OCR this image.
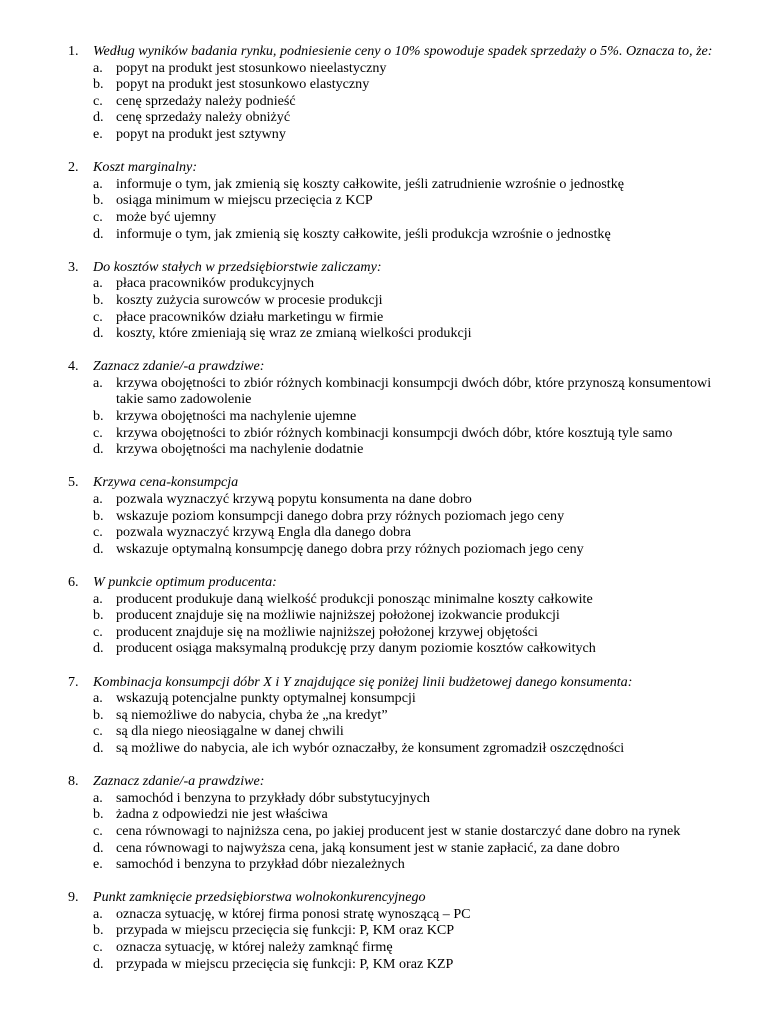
1. Według wyników badania rynku, podniesienie ceny o 10% spowoduje spadek sprzedaży o 5%. Oznacza to, że:
a. popyt na produkt jest stosunkowo nieelastyczny
b. popyt na produkt jest stosunkowo elastyczny
c. cenę sprzedaży należy podnieść
d. cenę sprzedaży należy obniżyć
e. popyt na produkt jest sztywny
2. Koszt marginalny:
a. informuje o tym, jak zmienią się koszty całkowite, jeśli zatrudnienie wzrośnie o jednostkę
b. osiąga minimum w miejscu przecięcia z KCP
c. może być ujemny
d. informuje o tym, jak zmienią się koszty całkowite, jeśli produkcja wzrośnie o jednostkę
3. Do kosztów stałych w przedsiębiorstwie zaliczamy:
a. płaca pracowników produkcyjnych
b. koszty zużycia surowców w procesie produkcji
c. płace pracowników działu marketingu w firmie
d. koszty, które zmieniają się wraz ze zmianą wielkości produkcji
4. Zaznacz zdanie/-a prawdziwe:
a. krzywa obojętności to zbiór różnych kombinacji konsumpcji dwóch dóbr, które przynoszą konsumentowi takie samo zadowolenie
b. krzywa obojętności ma nachylenie ujemne
c. krzywa obojętności to zbiór różnych kombinacji konsumpcji dwóch dóbr, które kosztują tyle samo
d. krzywa obojętności ma nachylenie dodatnie
5. Krzywa cena-konsumpcja
a. pozwala wyznaczyć krzywą popytu konsumenta na dane dobro
b. wskazuje poziom konsumpcji danego dobra przy różnych poziomach jego ceny
c. pozwala wyznaczyć krzywą Engla dla danego dobra
d. wskazuje optymalną konsumpcję danego dobra przy różnych poziomach jego ceny
6. W punkcie optimum producenta:
a. producent produkuje daną wielkość produkcji ponosząc minimalne koszty całkowite
b. producent znajduje się na możliwie najniższej położonej izokwancie produkcji
c. producent znajduje się na możliwie najniższej położonej krzywej objętości
d. producent osiąga maksymalną produkcję przy danym poziomie kosztów całkowitych
7. Kombinacja konsumpcji dóbr X i Y znajdujące się poniżej linii budżetowej danego konsumenta:
a. wskazują potencjalne punkty optymalnej konsumpcji
b. są niemożliwe do nabycia, chyba że „na kredyt”
c. są dla niego nieosiągalne w danej chwili
d. są możliwe do nabycia, ale ich wybór oznaczałby, że konsument zgromadził oszczędności
8. Zaznacz zdanie/-a prawdziwe:
a. samochód i benzyna to przykłady dóbr substytucyjnych
b. żadna z odpowiedzi nie jest właściwa
c. cena równowagi to najniższa cena, po jakiej producent jest w stanie dostarczyć dane dobro na rynek
d. cena równowagi to najwyższa cena, jaką konsument jest w stanie zapłacić, za dane dobro
e. samochód i benzyna to przykład dóbr niezależnych
9. Punkt zamknięcie przedsiębiorstwa wolnokonkurencyjnego
a. oznacza sytuację, w której firma ponosi stratę wynoszącą – PC
b. przypada w miejscu przecięcia się funkcji: P, KM oraz KCP
c. oznacza sytuację, w której należy zamknąć firmę
d. przypada w miejscu przecięcia się funkcji: P, KM oraz KZP
